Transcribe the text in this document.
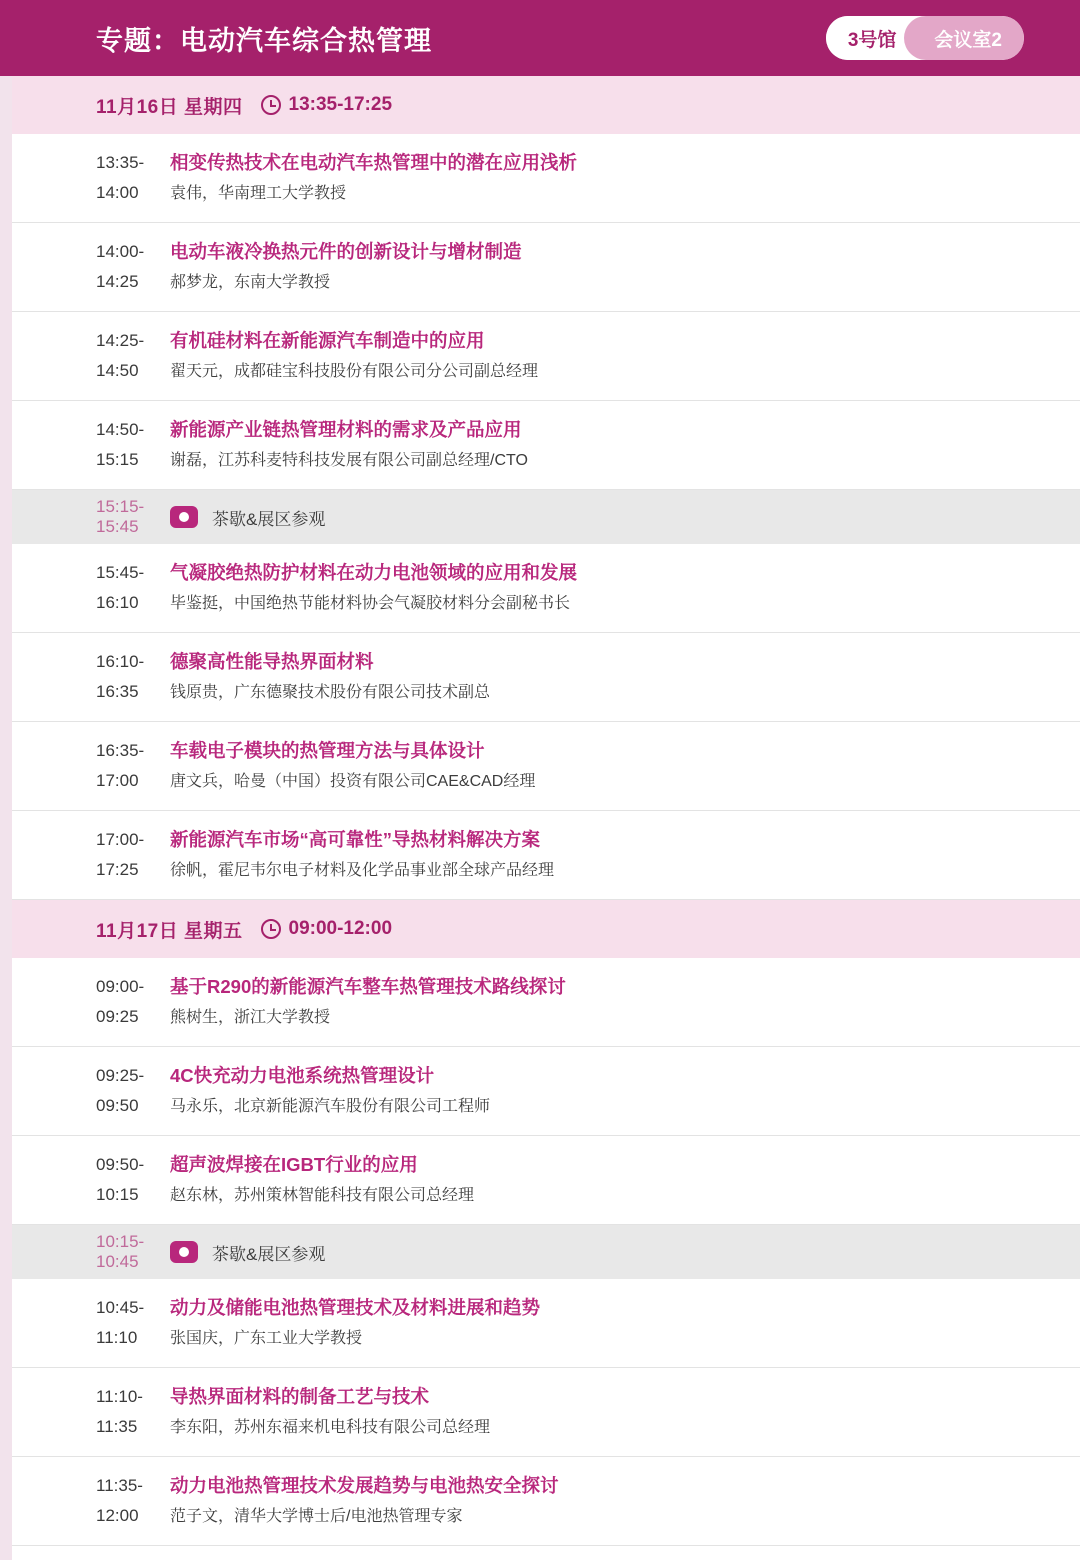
专题：电动汽车综合热管理	3号馆	会议室2
11月16日 星期四 13:35-17:25
13:35-14:00
相变传热技术在电动汽车热管理中的潜在应用浅析
袁伟，华南理工大学教授
14:00-14:25
电动车液冷换热元件的创新设计与增材制造
郝梦龙，东南大学教授
14:25-14:50
有机硅材料在新能源汽车制造中的应用
翟天元，成都硅宝科技股份有限公司分公司副总经理
14:50-15:15
新能源产业链热管理材料的需求及产品应用
谢磊，江苏科麦特科技发展有限公司副总经理/CTO
15:15-15:45	茶歇&展区参观
15:45-16:10
气凝胶绝热防护材料在动力电池领域的应用和发展
毕鉴挺，中国绝热节能材料协会气凝胶材料分会副秘书长
16:10-16:35
德聚高性能导热界面材料
钱原贵，广东德聚技术股份有限公司技术副总
16:35-17:00
车载电子模块的热管理方法与具体设计
唐文兵，哈曼（中国）投资有限公司CAE&CAD经理
17:00-17:25
新能源汽车市场“高可靠性”导热材料解决方案
徐帆，霍尼韦尔电子材料及化学品事业部全球产品经理
11月17日 星期五 09:00-12:00
09:00-09:25
基于R290的新能源汽车整车热管理技术路线探讨
熊树生，浙江大学教授
09:25-09:50
4C快充动力电池系统热管理设计
马永乐，北京新能源汽车股份有限公司工程师
09:50-10:15
超声波焊接在IGBT行业的应用
赵东林，苏州策林智能科技有限公司总经理
10:15-10:45	茶歇&展区参观
10:45-11:10
动力及储能电池热管理技术及材料进展和趋势
张国庆，广东工业大学教授
11:10-11:35
导热界面材料的制备工艺与技术
李东阳，苏州东福来机电科技有限公司总经理
11:35-12:00
动力电池热管理技术发展趋势与电池热安全探讨
范子文，清华大学博士后/电池热管理专家
